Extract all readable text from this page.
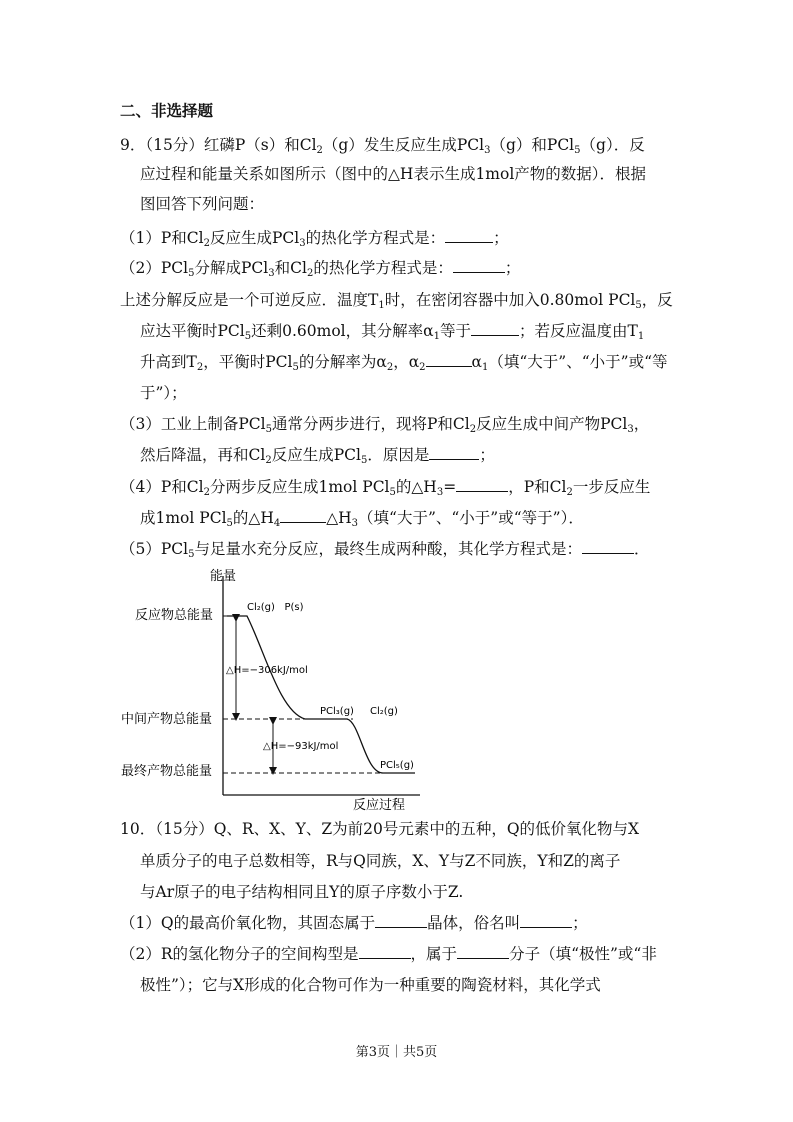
二、非选择题
9．（15分）红磷P（s）和$Cl_2(g)$发生反应生成PCl$_3$（g）和PCl$_5$（g）．反
应过程和能量关系如图所示（图中的△H表示生成1mol产物的数据）．根据
图回答下列问题：
（1）P和$Cl_2$反应生成PCl$_3$的热化学方程式是：	；
（2）PCl$_5$分解成PCl$_3$和$Cl_2$的热化学方程式是：	；
上述分解反应是一个可逆反应．温度$T_1$时，在密闭容器中加入0.80mol PCl$_5$，反
应达平衡时PCl$_5$还剩0.60mol，其分解率$\alpha_1$等于	；若反应温度由$T_1$
升高到$T_2$，平衡时PCl$_5$的分解率为$\alpha_2$，$\alpha_2$	$\alpha_1$（填“大于”、“小于”或“等
于”）；
（3）工业上制备PCl$_5$通常分两步进行，现将P和$Cl_2$反应生成中间产物PCl$_3$，
然后降温，再和$Cl_2$反应生成PCl$_5$．原因是	；
（4）P和$Cl_2$分两步反应生成1mol PCl$_5$的$\triangle H_3=$	，P和$Cl_2$一步反应生
成1mol PCl$_5$的$\triangle H_4$	$\triangle H_3$（填“大于”、“小于”或“等于”）．
（5）PCl$_5$与足量水充分反应，最终生成两种酸，其化学方程式是：	．
能量
反应过程
反应物总能量
中间产物总能量
最终产物总能量
Cl₂(g)   P(s)
PCl₃(g) Cl₂(g)
PCl₅(g)
△H=−306kJ/mol
△H=−93kJ/mol
10．（15分）Q、R、X、Y、Z为前20号元素中的五种，Q的低价氧化物与X
单质分子的电子总数相等，R与Q同族，X、Y与Z不同族，Y和Z的离子
与Ar原子的电子结构相同且Y的原子序数小于Z.
（1）Q的最高价氧化物，其固态属于	晶体，俗名叫	；
（2）R的氢化物分子的空间构型是	，属于	分子（填“极性”或“非
极性”）；它与X形成的化合物可作为一种重要的陶瓷材料，其化学式
第3页｜共5页
